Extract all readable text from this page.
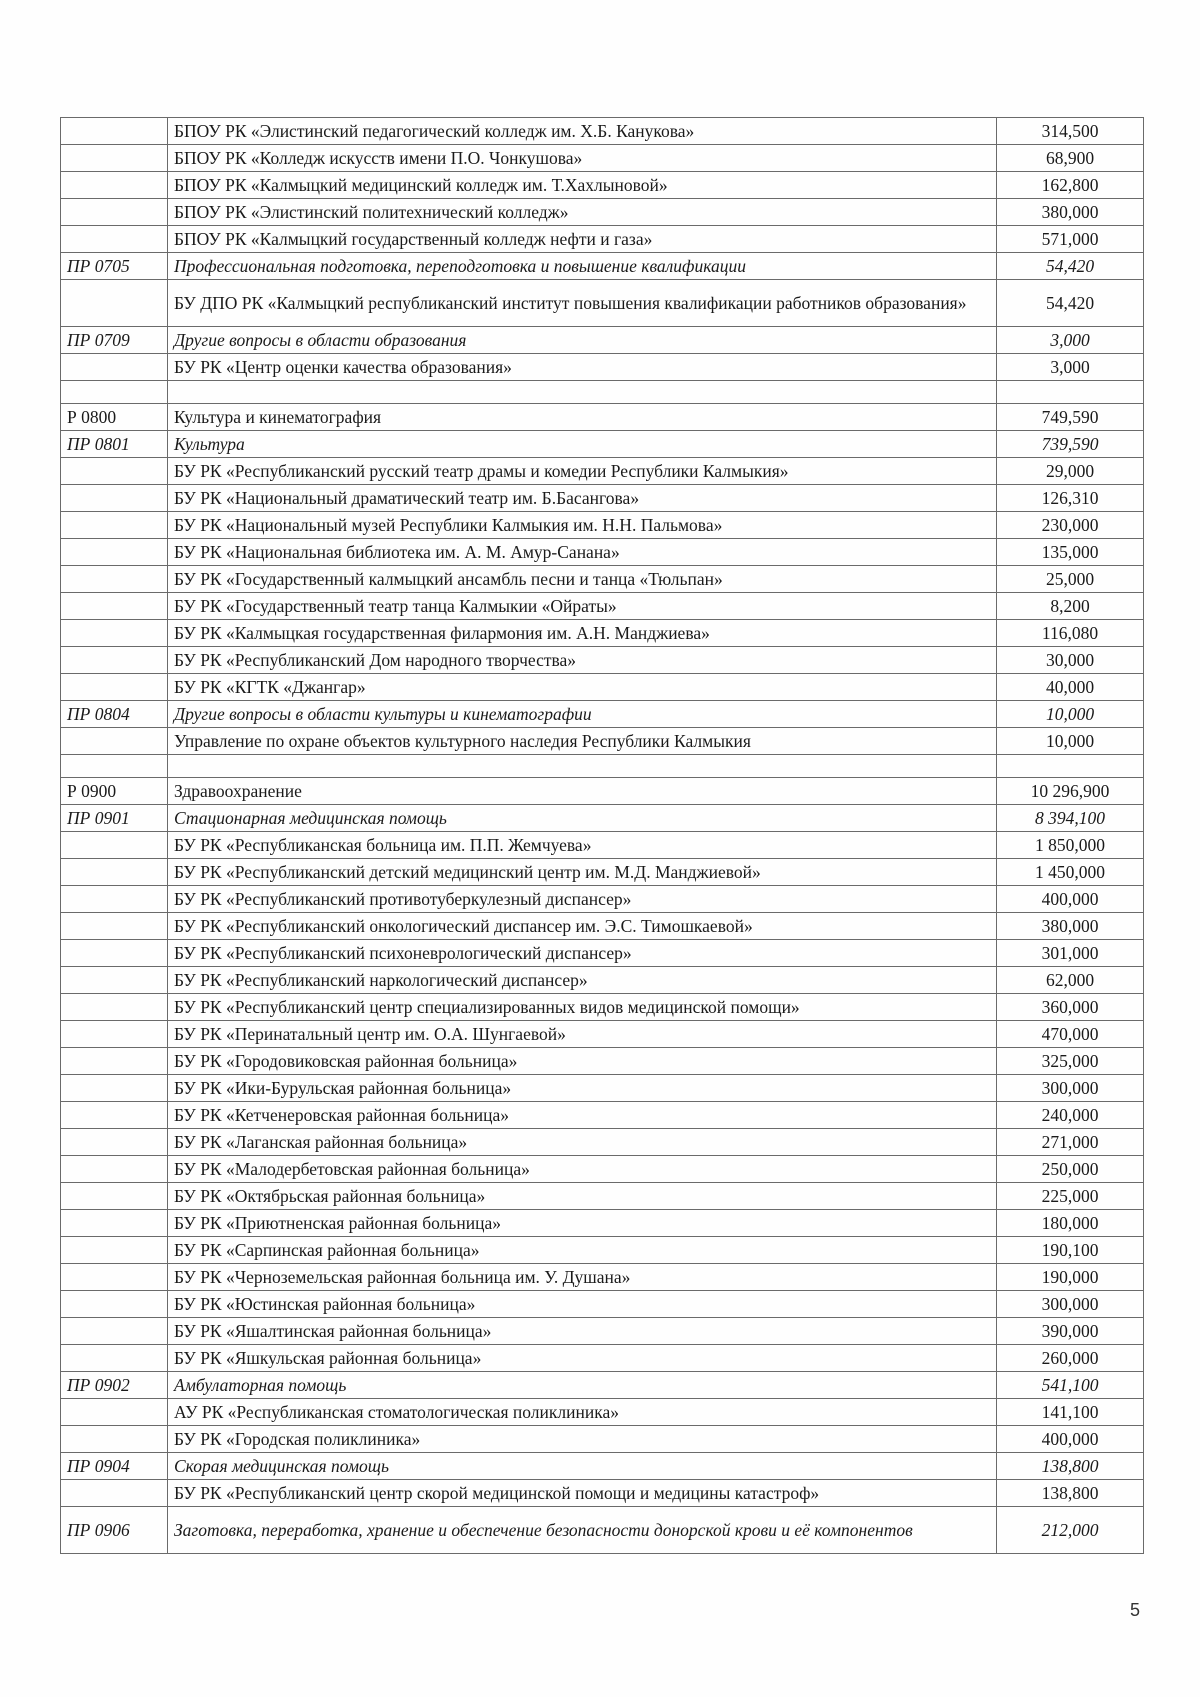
	БПОУ РК «Элистинский педагогический колледж им. Х.Б. Канукова»	314,500
	БПОУ РК «Колледж искусств имени П.О. Чонкушова»	68,900
	БПОУ РК «Калмыцкий медицинский колледж им. Т.Хахлыновой»	162,800
	БПОУ РК «Элистинский политехнический колледж»	380,000
	БПОУ РК «Калмыцкий государственный колледж нефти и газа»	571,000
ПР 0705	Профессиональная подготовка, переподготовка и повышение квалификации	54,420
	БУ ДПО РК «Калмыцкий республиканский институт повышения квалификации работников образования»	54,420
ПР 0709	Другие вопросы в области образования	3,000
	БУ РК «Центр оценки качества образования»	3,000

Р 0800	Культура и кинематография	749,590
ПР 0801	Культура	739,590
	БУ РК «Республиканский русский театр драмы и комедии Республики Калмыкия»	29,000
	БУ РК «Национальный драматический театр им. Б.Басангова»	126,310
	БУ РК «Национальный музей Республики Калмыкия им. Н.Н. Пальмова»	230,000
	БУ РК «Национальная библиотека им. А. М. Амур-Санана»	135,000
	БУ РК «Государственный калмыцкий ансамбль песни и танца «Тюльпан»	25,000
	БУ РК «Государственный театр танца Калмыкии «Ойраты»	8,200
	БУ РК «Калмыцкая государственная филармония им. А.Н. Манджиева»	116,080
	БУ РК «Республиканский Дом народного творчества»	30,000
	БУ РК «КГТК «Джангар»	40,000
ПР 0804	Другие вопросы в области культуры и кинематографии	10,000
	Управление по охране объектов культурного наследия Республики Калмыкия	10,000

Р 0900	Здравоохранение	10 296,900
ПР 0901	Стационарная медицинская помощь	8 394,100
	БУ РК «Республиканская больница им. П.П. Жемчуева»	1 850,000
	БУ РК «Республиканский детский медицинский центр им. М.Д. Манджиевой»	1 450,000
	БУ РК «Республиканский противотуберкулезный диспансер»	400,000
	БУ РК «Республиканский онкологический диспансер им. Э.С. Тимошкаевой»	380,000
	БУ РК «Республиканский психоневрологический диспансер»	301,000
	БУ РК «Республиканский наркологический диспансер»	62,000
	БУ РК «Республиканский центр специализированных видов медицинской помощи»	360,000
	БУ РК «Перинатальный центр им. О.А. Шунгаевой»	470,000
	БУ РК «Городовиковская районная больница»	325,000
	БУ РК «Ики-Бурульская районная больница»	300,000
	БУ РК «Кетченеровская районная больница»	240,000
	БУ РК «Лаганская районная больница»	271,000
	БУ РК «Малодербетовская районная больница»	250,000
	БУ РК «Октябрьская районная больница»	225,000
	БУ РК «Приютненская районная больница»	180,000
	БУ РК «Сарпинская районная больница»	190,100
	БУ РК «Черноземельская районная больница им. У. Душана»	190,000
	БУ РК «Юстинская районная больница»	300,000
	БУ РК «Яшалтинская районная больница»	390,000
	БУ РК «Яшкульская районная больница»	260,000
ПР 0902	Амбулаторная помощь	541,100
	АУ РК «Республиканская стоматологическая поликлиника»	141,100
	БУ РК «Городская поликлиника»	400,000
ПР 0904	Скорая медицинская помощь	138,800
	БУ РК «Республиканский центр скорой медицинской помощи и медицины катастроф»	138,800
ПР 0906	Заготовка, переработка, хранение и обеспечение безопасности донорской крови и её компонентов	212,000
5
